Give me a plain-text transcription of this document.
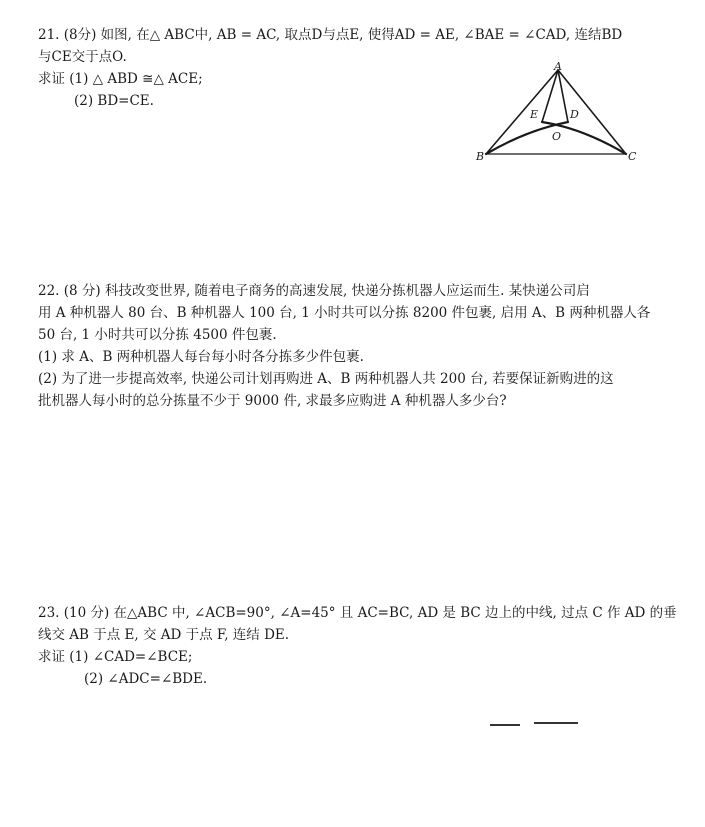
21. (8分) 如图, 在△ ABC中, AB = AC, 取点D与点E, 使得AD = AE, ∠BAE = ∠CAD, 连结BD
与CE交于点O.
求证 (1) △ ABD ≅△ ACE;
(2) BD=CE.
A
B	C
D
E
O
22. (8 分) 科技改变世界, 随着电子商务的高速发展, 快递分拣机器人应运而生. 某快递公司启
用 A 种机器人 80 台、B 种机器人 100 台, 1 小时共可以分拣 8200 件包裹, 启用 A、B 两种机器人各
50 台, 1 小时共可以分拣 4500 件包裹.
(1) 求 A、B 两种机器人每台每小时各分拣多少件包裹.
(2) 为了进一步提高效率, 快递公司计划再购进 A、B 两种机器人共 200 台, 若要保证新购进的这
批机器人每小时的总分拣量不少于 9000 件, 求最多应购进 A 种机器人多少台?
23. (10 分) 在△ABC 中, ∠ACB=90°, ∠A=45° 且 AC=BC, AD 是 BC 边上的中线, 过点 C 作 AD 的垂
线交 AB 于点 E, 交 AD 于点 F, 连结 DE.
求证 (1) ∠CAD=∠BCE;
(2) ∠ADC=∠BDE.
